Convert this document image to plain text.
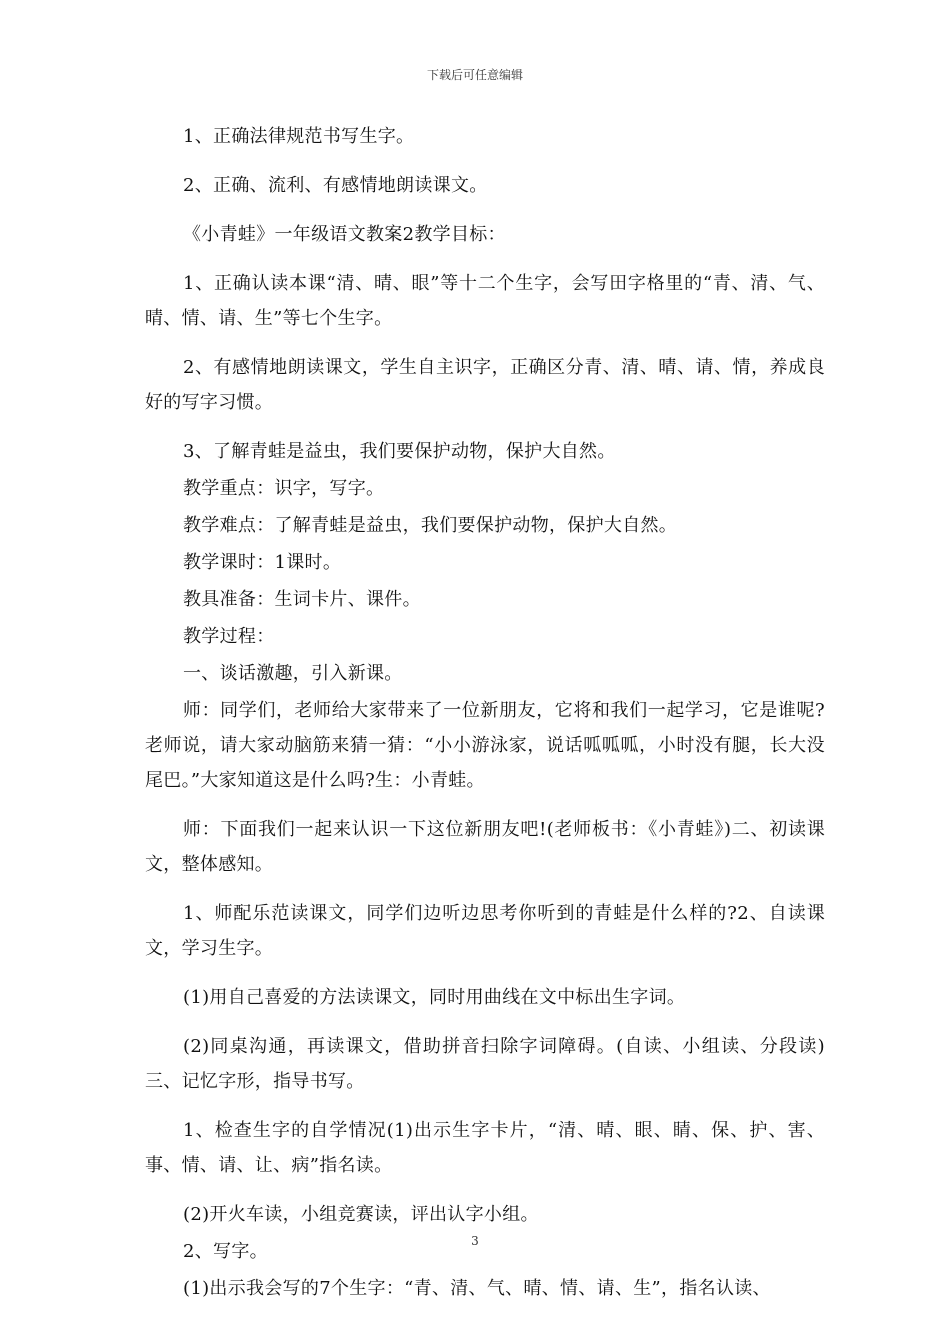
下载后可任意编辑

1、正确法律规范书写生字。

2、正确、流利、有感情地朗读课文。

《小青蛙》一年级语文教案2教学目标：

1、正确认读本课“清、晴、眼”等十二个生字，会写田字格里的“青、清、气、晴、情、请、生”等七个生字。

2、有感情地朗读课文，学生自主识字，正确区分青、清、晴、请、情，养成良好的写字习惯。

3、了解青蛙是益虫，我们要保护动物，保护大自然。

教学重点：识字，写字。

教学难点：了解青蛙是益虫，我们要保护动物，保护大自然。

教学课时：1课时。

教具准备：生词卡片、课件。

教学过程：

一、谈话激趣，引入新课。

师：同学们，老师给大家带来了一位新朋友，它将和我们一起学习，它是谁呢?老师说，请大家动脑筋来猜一猜：“小小游泳家，说话呱呱呱，小时没有腿，长大没尾巴。”大家知道这是什么吗?生：小青蛙。

师：下面我们一起来认识一下这位新朋友吧!(老师板书：《小青蛙》)二、初读课文，整体感知。

1、师配乐范读课文，同学们边听边思考你听到的青蛙是什么样的?2、自读课文，学习生字。

(1)用自己喜爱的方法读课文，同时用曲线在文中标出生字词。

(2)同桌沟通，再读课文，借助拼音扫除字词障碍。(自读、小组读、分段读)三、记忆字形，指导书写。

1、检查生字的自学情况(1)出示生字卡片，“清、晴、眼、睛、保、护、害、事、情、请、让、病”指名读。

(2)开火车读，小组竞赛读，评出认字小组。

2、写字。

(1)出示我会写的7个生字：“青、清、气、晴、情、请、生”，指名认读、

3
